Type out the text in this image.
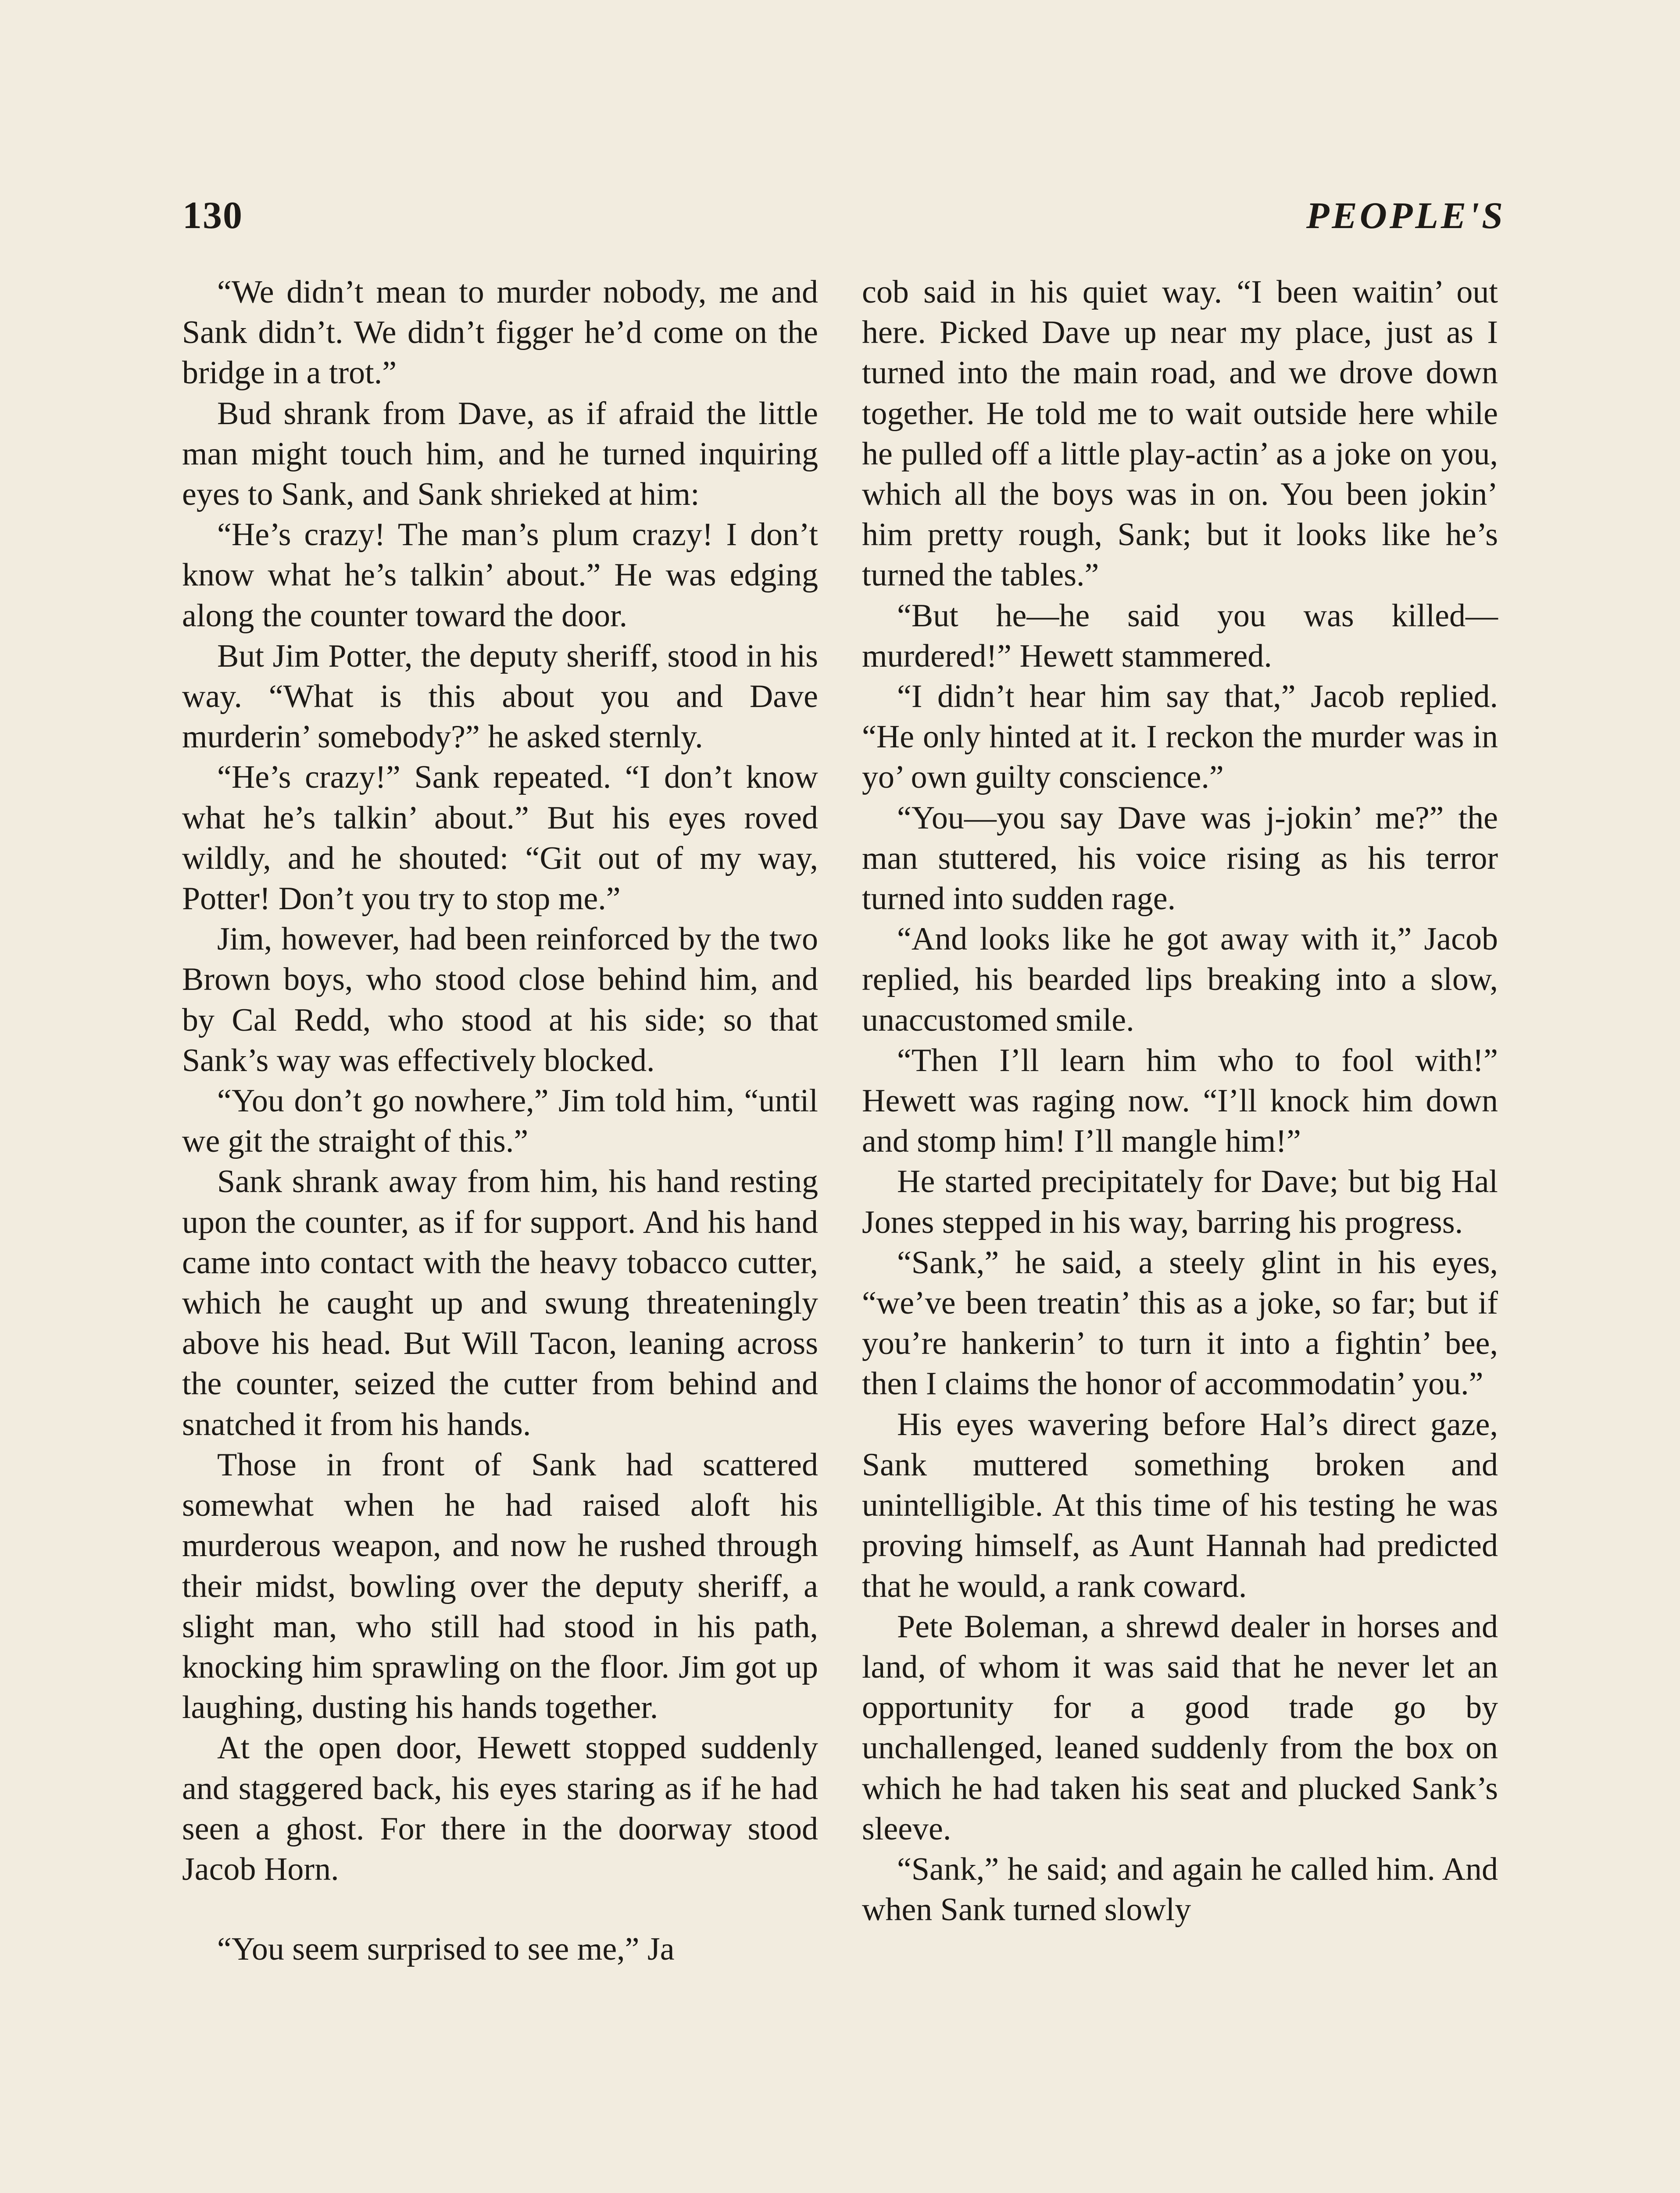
130	PEOPLE'S

“We didn’t mean to murder nobody, me and Sank didn’t. We didn’t figger he’d come on the bridge in a trot.”

Bud shrank from Dave, as if afraid the little man might touch him, and he turned inquiring eyes to Sank, and Sank shrieked at him:

“He’s crazy! The man’s plum crazy! I don’t know what he’s talkin’ about.” He was edging along the counter toward the door.

But Jim Potter, the deputy sheriff, stood in his way. “What is this about you and Dave murderin’ somebody?” he asked sternly.

“He’s crazy!” Sank repeated. “I don’t know what he’s talkin’ about.” But his eyes roved wildly, and he shouted: “Git out of my way, Potter! Don’t you try to stop me.”

Jim, however, had been reinforced by the two Brown boys, who stood close behind him, and by Cal Redd, who stood at his side; so that Sank’s way was effectively blocked.

“You don’t go nowhere,” Jim told him, “until we git the straight of this.”

Sank shrank away from him, his hand resting upon the counter, as if for support. And his hand came into contact with the heavy tobacco cutter, which he caught up and swung threateningly above his head. But Will Tacon, leaning across the counter, seized the cutter from behind and snatched it from his hands.

Those in front of Sank had scattered somewhat when he had raised aloft his murderous weapon, and now he rushed through their midst, bowling over the deputy sheriff, a slight man, who still had stood in his path, knocking him sprawling on the floor. Jim got up laughing, dusting his hands together.

At the open door, Hewett stopped suddenly and staggered back, his eyes staring as if he had seen a ghost. For there in the doorway stood Jacob Horn.

“You seem surprised to see me,” Ja

cob said in his quiet way. “I been waitin’ out here. Picked Dave up near my place, just as I turned into the main road, and we drove down together. He told me to wait outside here while he pulled off a little play-actin’ as a joke on you, which all the boys was in on. You been jokin’ him pretty rough, Sank; but it looks like he’s turned the tables.”

“But he—he said you was killed—murdered!” Hewett stammered.

“I didn’t hear him say that,” Jacob replied. “He only hinted at it. I reckon the murder was in yo’ own guilty conscience.”

“You—you say Dave was j-jokin’ me?” the man stuttered, his voice rising as his terror turned into sudden rage.

“And looks like he got away with it,” Jacob replied, his bearded lips breaking into a slow, unaccustomed smile.

“Then I’ll learn him who to fool with!” Hewett was raging now. “I’ll knock him down and stomp him! I’ll mangle him!”

He started precipitately for Dave; but big Hal Jones stepped in his way, barring his progress.

“Sank,” he said, a steely glint in his eyes, “we’ve been treatin’ this as a joke, so far; but if you’re hankerin’ to turn it into a fightin’ bee, then I claims the honor of accommodatin’ you.”

His eyes wavering before Hal’s direct gaze, Sank muttered something broken and unintelligible. At this time of his testing he was proving himself, as Aunt Hannah had predicted that he would, a rank coward.

Pete Boleman, a shrewd dealer in horses and land, of whom it was said that he never let an opportunity for a good trade go by unchallenged, leaned suddenly from the box on which he had taken his seat and plucked Sank’s sleeve.

“Sank,” he said; and again he called him. And when Sank turned slowly
